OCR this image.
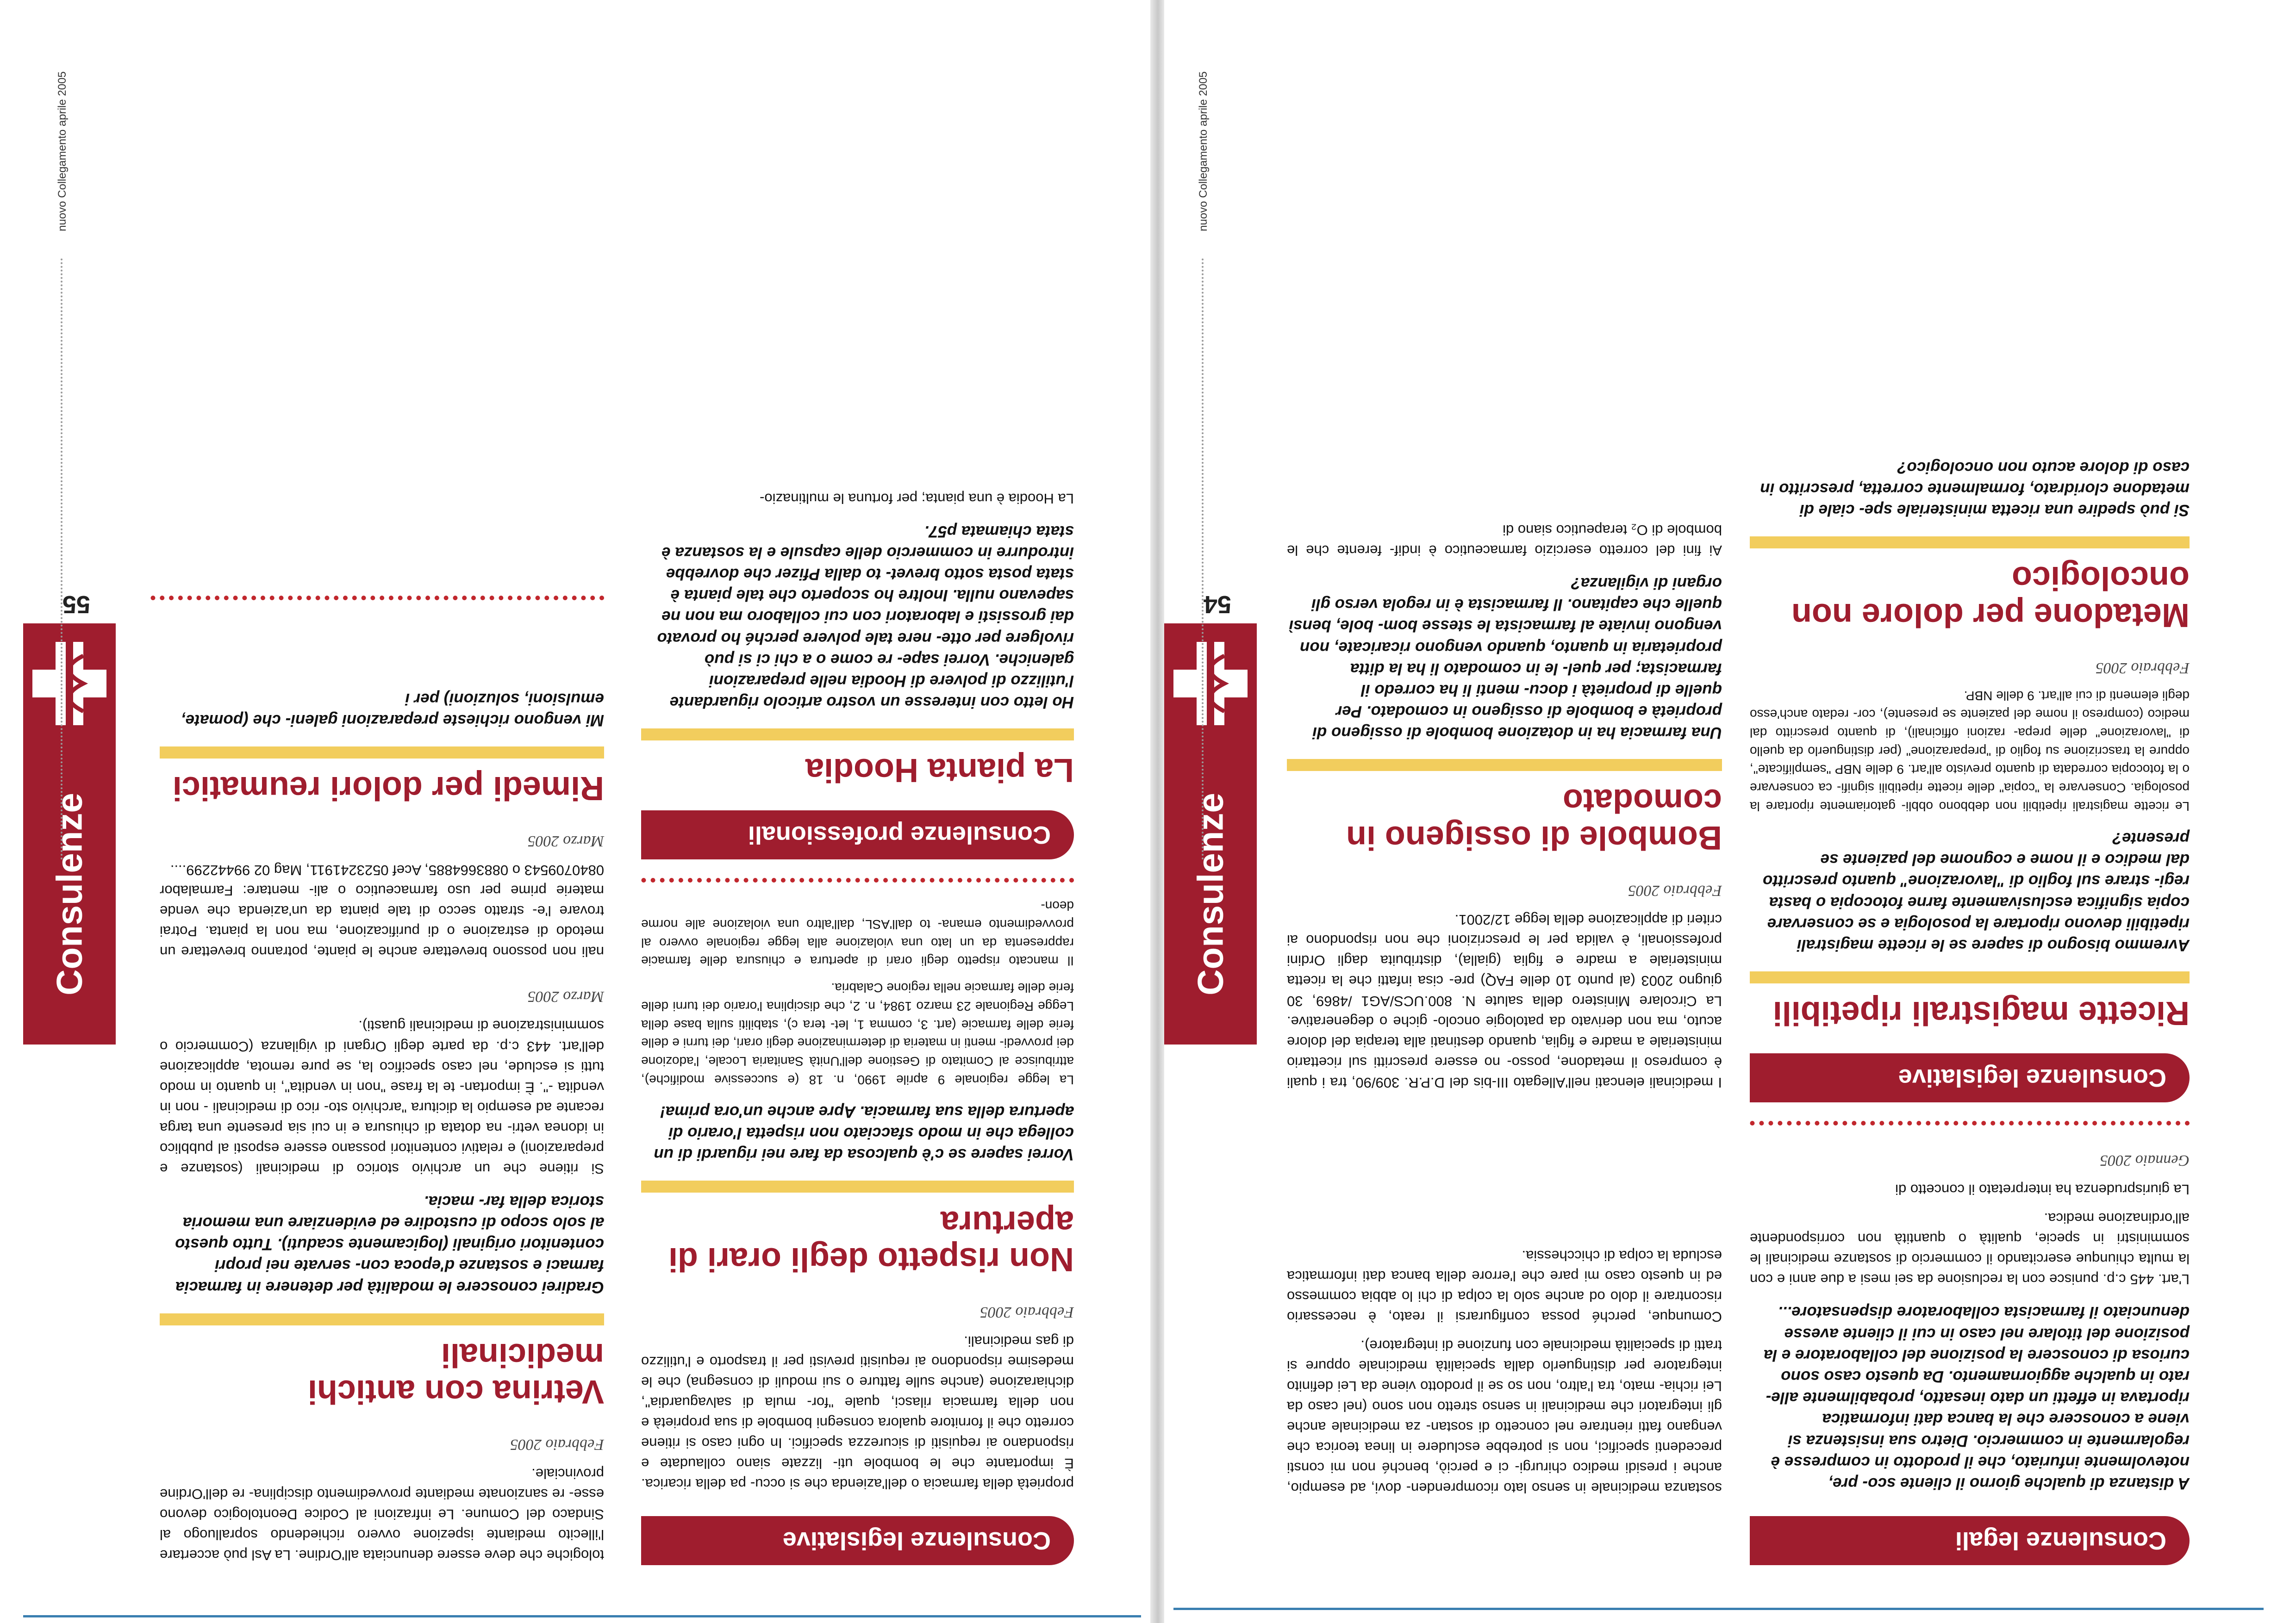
Consulenze legali

A distanza di qualche giorno il cliente sco- pre, notevolmente infuriato, che il prodotto in compresse è regolarmente in commercio. Dietro sua insistenza si viene a conoscere che la banca dati informatica riportava in effetti un dato inesatto, probabilmente alle- rato in qualche aggiornamento. Da questo caso sono curiosa di conoscere la posizione del collaboratore e la posizione del titolare nel caso in cui il cliente avesse denunciato il farmacista collaboratore dispensatore...

L'art. 445 c.p. punisce con la reclusione da sei mesi a due anni e con la multa chiunque esercitando il commercio di sostanze medicinali le somministri in specie, qualità o quantità non corrispondente all'ordinazione medica.

La giurisprudenza ha interpretato il concetto di

Gennaio 2005
Consulenze legislative
Ricette magistrali ripetibili

Avremmo bisogno di sapere se le ricette magistrali ripetibili devono riportare la posologia e se conservare copia significa esclusivamente farne fotocopia o basta regi- strare sul foglio di "lavorazione" quanto prescritto dal medico e il nome e cognome del paziente se presente?

Le ricette magistrali ripetibili non debbono obbli- gatoriamente riportare la posologia. Conservare la "copia" delle ricette ripetibili signifi- ca conservare o la fotocopia corredata di quanto previsto all'art. 9 delle NBP "semplificate", oppure la trascrizione su foglio di "preparazione" (per distinguerlo da quello di "lavorazione" delle prepa- razioni officinali), di quanto prescritto dal medico (compreso il nome del paziente se presente), cor- redato anch'esso degli elementi di cui all'art. 9 delle NBP.

Febbraio 2005
Metadone per dolore non oncologico

Si può spedire una ricetta ministeriale spe- ciale di metadone cloridrato, formalmente corretta, prescritto in caso di dolore acuto non oncologico?

sostanza medicinale in senso lato ricomprenden- dovi, ad esempio, anche i presidi medico chirurgi- ci e perciò, benché non mi consti precedenti specifici, non si potrebbe escludere in linea teorica che vengano fatti rientrare nel concetto di sostan- za medicinale anche gli integratori che medicinali in senso stretto non sono (nel caso da Lei richia- mato, tra l'altro, non so se il prodotto viene da Lei definito integratore per distinguerlo dalla specialità medicinale oppure si tratti di specialità medicinale con funzione di integratore).

Comunque, perché possa configurarsi il reato, è necessario riscontrare il dolo od anche solo la colpa di chi lo abbia commesso ed in questo caso mi pare che l'errore della banca dati informatica escluda la colpa di chicchessia.

I medicinali elencati nell'Allegato III-bis del D.P.R. 309/90, tra i quali è compreso il metadone, posso- no essere prescritti sul ricettario ministeriale a madre e figlia, quando destinati alla terapia del dolore acuto, ma non derivato da patologie oncolo- giche o degenerative. La Circolare Ministero della salute N. 800.UCS/AG1 /4869, 30 giugno 2003 (al punto 10 delle FAQ) pre- cisa infatti che la ricetta ministeriale a madre e figlia (gialla), distribuita dagli Ordini professionali, è valida per le prescrizioni che non rispondono ai criteri di applicazione della legge 12/2001.

Febbraio 2005
Bombole di ossigeno in comodato

Una farmacia ha in dotazione bombole di ossigeno di proprietà e bombole di ossigeno in comodato. Per quelle di proprietà i docu- menti li ha corredo il farmacista; per quel- le in comodato li ha la ditta proprietaria in quanto, quando vengono ricaricate, non vengono inviate al farmacista le stesse bom- bole, bensì quelle che capitano. Il farmacista è in regola verso gli organi di vigilanza?

Ai fini del corretto esercizio farmaceutico è indif- ferente che le bombole di O₂ terapeutico siano di

Consulenze
54
nuovo Collegamento aprile 2005
Consulenze legislative

proprietà della farmacia o dell'azienda che si occu- pa della ricarica. È importante che le bombole uti- lizzate siano collaudate e rispondano ai requisiti di sicurezza specifici. In ogni caso si ritiene corretto che il fornitore qualora consegni bombole di sua proprietà e non della farmacia rilasci, quale "for- mula di salvaguardia", dichiarazione (anche sulle fatture o sui moduli di consegna) che le medesime rispondono ai requisiti previsti per il trasporto e l'utilizzo di gas medicinali.

Febbraio 2005
Non rispetto degli orari di apertura

Vorrei sapere se c'è qualcosa da fare nei riguardi di un collega che in modo sfacciato non rispetta l'orario di apertura della sua farmacia. Apre anche un'ora prima!

La legge regionale 9 aprile 1990, n. 18 (e successive modifiche), attribuisce al Comitato di Gestione dell'Unità Sanitaria Locale, l'adozione dei provvedi- menti in materia di determinazione degli orari, dei turni e delle ferie delle farmacie (art. 3, comma 1, let- tera c), stabiliti sulla base della Legge Regionale 23 marzo 1984, n. 2, che disciplina l'orario dei turni delle ferie delle farmacie nella regione Calabria.

Il mancato rispetto degli orari di apertura e chiusura delle farmacie rappresenta da un lato una violazione alla legge regionale ovvero al provvedimento emana- to dall'ASL, dall'altro una violazione alle norme deon-

Consulenze professionali
La pianta Hoodia

Ho letto con interesse un vostro articolo riguardante l'utilizzo di polvere di Hoodia nelle preparazioni galeniche. Vorrei sape- re come o a chi ci si può rivolgere per otte- nere tale polvere perché ho provato dai grossisti e laboratori con cui collaboro ma non ne sapevano nulla. Inoltre ho scoperto che tale pianta è stata posta sotto brevet- to dalla Pfizer che dovrebbe introdurre in commercio delle capsule e la sostanza è stata chiamata p57.

La Hoodia è una pianta; per fortuna le multinazio-

tologiche che deve essere denunciata all'Ordine. La Asl può accertare l'illecito mediante ispezione ovvero richiedendo sopralluogo al Sindaco del Comune. Le infrazioni al Codice Deontologico devono esse- re sanzionate mediante provvedimento disciplina- re dell'Ordine provinciale.

Febbraio 2005
Vetrina con antichi medicinali

Gradirei conoscere le modalità per detenere in farmacia farmaci e sostanze d'epoca con- servate nei propri contenitori originali (logicamente scaduti). Tutto questo al solo scopo di custodire ed evidenziare una memoria storica della far- macia.

Si ritiene che un archivio storico di medicinali (sostanze e preparazioni) e relativi contenitori possano essere esposti al pubblico in idonea vetri- na dotata di chiusura e in cui sia presente una targa recante ad esempio la dicitura "archivio sto- rico di medicinali - non in vendita -". È importan- te la frase "non in vendita", in quanto in modo tutti si esclude, nel caso specifico la, se pure remota, applicazione dell'art. 443 c.p. da parte degli Organi di vigilanza (Commercio o somministrazione di medicinali guasti).

Marzo 2005

nali non possono brevettare anche le piante, potranno brevettare un metodo di estrazione o di purificazione, ma non la pianta. Potrai trovare l'e- stratto secco di tale pianta da un'azienda che vende materie prime per uso farmaceutico o ali- mentare: Farmalabor 0840709543 o 0883664885, Acef 0523241911, Mag 02 99442299....

Marzo 2005
Rimedi per dolori reumatici

Mi vengono richieste preparazioni galeni- che (pomate, emulsioni, soluzioni) per i

Consulenze
55
nuovo Collegamento aprile 2005
